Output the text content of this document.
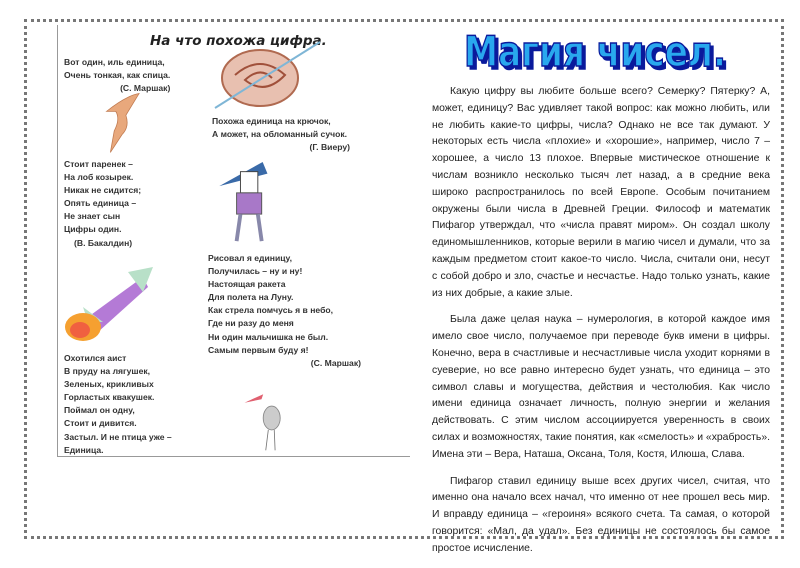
На что похожа цифра.
Вот один, иль единица,
Очень тонкая, как спица.
(С. Маршак)
Похожа единица на крючок,
А может, на обломанный сучок.
(Г. Виеру)
Стоит паренек –
На лоб козырек.
Никак не сидится;
Опять единица –
Не знает сын
Цифры один.
(В. Бакалдин)
Рисовал я единицу,
Получилась – ну и ну!
Настоящая ракета
Для полета на Луну.
Как стрела помчусь я в небо,
Где ни разу до меня
Ни один мальчишка не был.
Самым первым буду я!
(С. Маршак)
Охотился аист
В пруду на лягушек,
Зеленых, крикливых
Горластых квакушек.
Поймал он одну,
Стоит и дивится.
Застыл. И не птица уже –
Единица.
Магия чисел.

Какую цифру вы любите больше всего? Семерку? Пятерку? А, может, единицу? Вас удивляет такой вопрос: как можно любить, или не любить какие-то цифры, числа? Однако не все так думают. У некоторых есть числа «плохие» и «хорошие», например, число 7 – хорошее, а число 13 плохое. Впервые мистическое отношение к числам возникло несколько тысяч лет назад, а в средние века широко распространилось по всей Европе. Особым почитанием окружены были числа в Древней Греции. Философ и математик Пифагор утверждал, что «числа правят миром». Он создал школу единомышленников, которые верили в магию чисел и думали, что за каждым предметом стоит какое-то число. Числа, считали они, несут с собой добро и зло, счастье и несчастье. Надо только узнать, какие из них добрые, а какие злые.

Была даже целая наука – нумерология, в которой каждое имя имело свое число, получаемое при переводе букв имени в цифры. Конечно, вера в счастливые и несчастливые числа уходит корнями в суеверие, но все равно интересно будет узнать, что единица – это символ славы и могущества, действия и честолюбия. Как число имени единица означает личность, полную энергии и желания действовать. С этим числом ассоциируется уверенность в своих силах и возможностях, такие понятия, как «смелость» и «храбрость». Имена эти – Вера, Наташа, Оксана, Толя, Костя, Илюша, Слава.

Пифагор ставил единицу выше всех других чисел, считая, что именно она начало всех начал, что именно от нее прошел весь мир. И вправду единица – «героиня» всякого счета. Та самая, о которой говорится: «Мал, да удал». Без единицы не состоялось бы самое простое исчисление.
